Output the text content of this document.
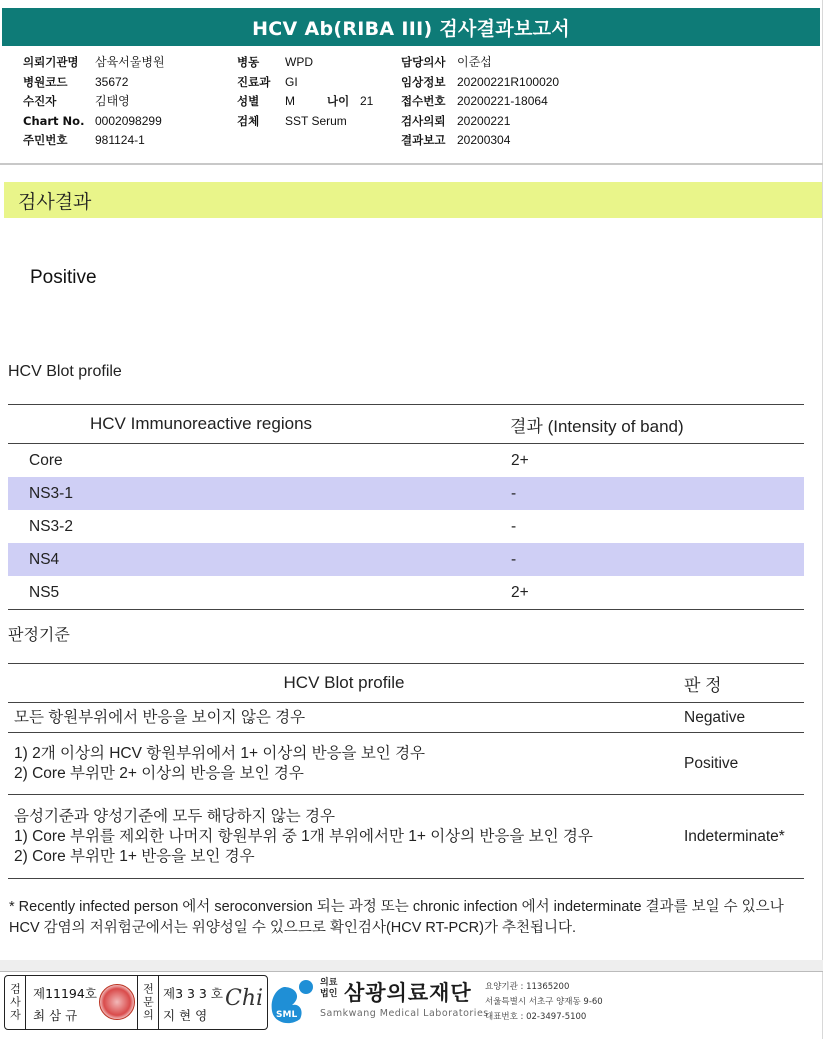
HCV Ab(RIBA III) 검사결과보고서
의뢰기관명	삼육서울병원
병원코드	35672
수진자	김태영
Chart No. 0002098299
주민번호	981124-1
병동	WPD
진료과	GI
성별	M	나이 21
검체	SST Serum
담당의사 이준섭
임상정보 20200221R100020
접수번호 20200221-18064
검사의뢰 20200221
결과보고 20200304
검사결과
Positive
HCV Blot profile
HCV Immunoreactive regions	결과 (Intensity of band)
Core	2+
NS3-1	-
NS3-2	-
NS4	-
NS5	2+
판정기준
HCV Blot profile	판 정

모든 항원부위에서 반응을 보이지 않은 경우	Negative

1) 2개 이상의 HCV 항원부위에서 1+ 이상의 반응을 보인 경우
2) Core 부위만 2+ 이상의 반응을 보인 경우	Positive

음성기준과 양성기준에 모두 해당하지 않는 경우
1) Core 부위를 제외한 나머지 항원부위 중 1개 부위에서만 1+ 이상의 반응을 보인 경우
2) Core 부위만 1+ 반응을 보인 경우	Indeterminate*
* Recently infected person 에서 seroconversion 되는 과정 또는 chronic infection 에서 indeterminate 결과를 보일 수 있으나 HCV 감염의 저위험군에서는 위양성일 수 있으므로 확인검사(HCV RT-PCR)가 추천됩니다.
검사자 제11194호
최 삼 규	전문의 제3 3 3 호
지 현 영
Chi
SML
의료
법인 삼광의료재단
Samkwang Medical Laboratories
요양기관 : 11365200
서울특별시 서초구 양재동 9-60
대표번호 : 02-3497-5100
